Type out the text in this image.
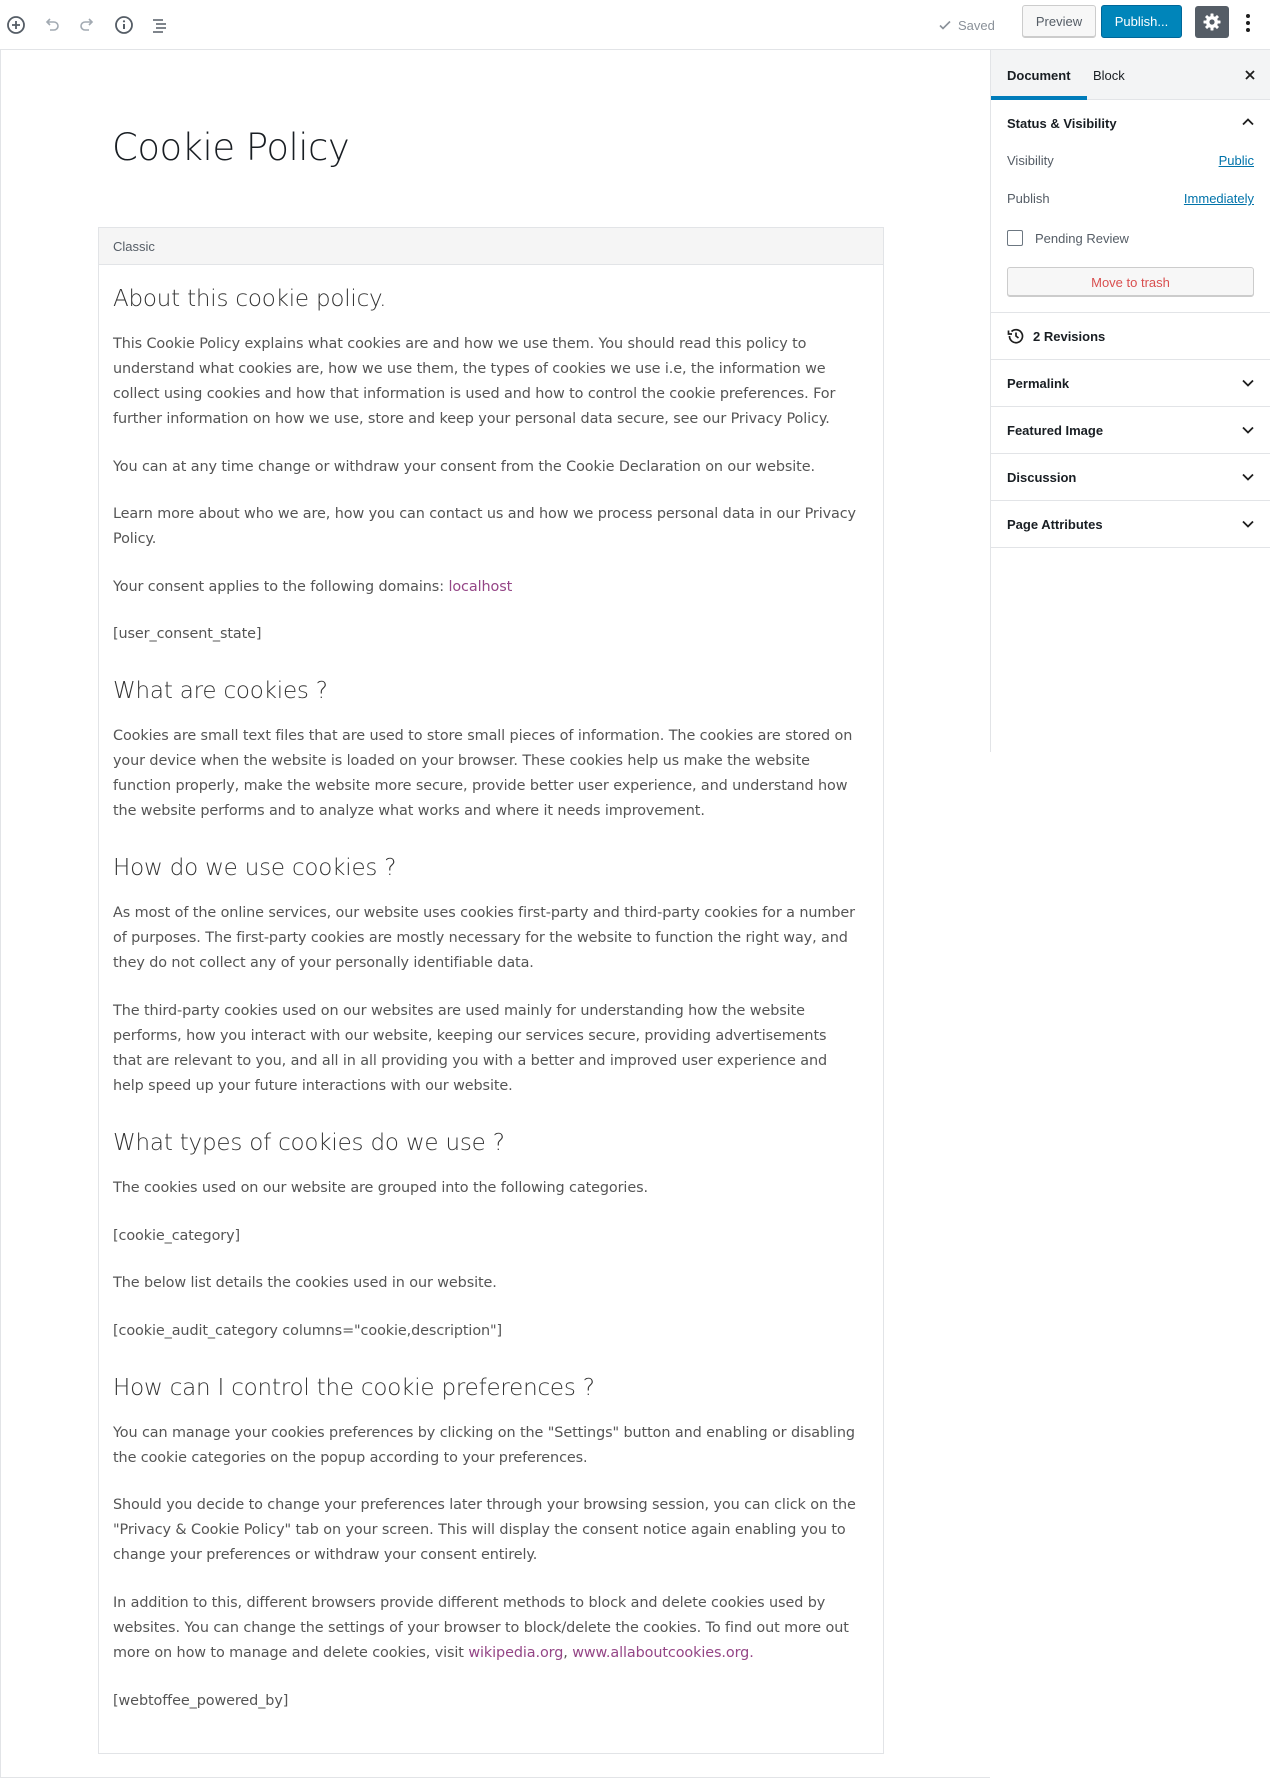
Saved	Preview	Publish...
Cookie Policy
Classic
About this cookie policy.

This Cookie Policy explains what cookies are and how we use them. You should read this policy to understand what cookies are, how we use them, the types of cookies we use i.e, the information we collect using cookies and how that information is used and how to control the cookie preferences. For further information on how we use, store and keep your personal data secure, see our Privacy Policy.

You can at any time change or withdraw your consent from the Cookie Declaration on our website.

Learn more about who we are, how you can contact us and how we process personal data in our Privacy Policy.

Your consent applies to the following domains: localhost

[user_consent_state]

What are cookies ?

Cookies are small text files that are used to store small pieces of information. The cookies are stored on your device when the website is loaded on your browser. These cookies help us make the website function properly, make the website more secure, provide better user experience, and understand how the website performs and to analyze what works and where it needs improvement.

How do we use cookies ?

As most of the online services, our website uses cookies first-party and third-party cookies for a number of purposes. The first-party cookies are mostly necessary for the website to function the right way, and they do not collect any of your personally identifiable data.

The third-party cookies used on our websites are used mainly for understanding how the website performs, how you interact with our website, keeping our services secure, providing advertisements that are relevant to you, and all in all providing you with a better and improved user experience and help speed up your future interactions with our website.

What types of cookies do we use ?

The cookies used on our website are grouped into the following categories.

[cookie_category]

The below list details the cookies used in our website.

[cookie_audit_category columns="cookie,description"]

How can I control the cookie preferences ?

You can manage your cookies preferences by clicking on the "Settings" button and enabling or disabling the cookie categories on the popup according to your preferences.

Should you decide to change your preferences later through your browsing session, you can click on the "Privacy & Cookie Policy" tab on your screen. This will display the consent notice again enabling you to change your preferences or withdraw your consent entirely.

In addition to this, different browsers provide different methods to block and delete cookies used by websites. You can change the settings of your browser to block/delete the cookies. To find out more out more on how to manage and delete cookies, visit wikipedia.org, www.allaboutcookies.org.

[webtoffee_powered_by]

Document	Block
Status & Visibility
Visibility	Public
Publish	Immediately
Pending Review
Move to trash
2 Revisions
Permalink
Featured Image
Discussion
Page Attributes
